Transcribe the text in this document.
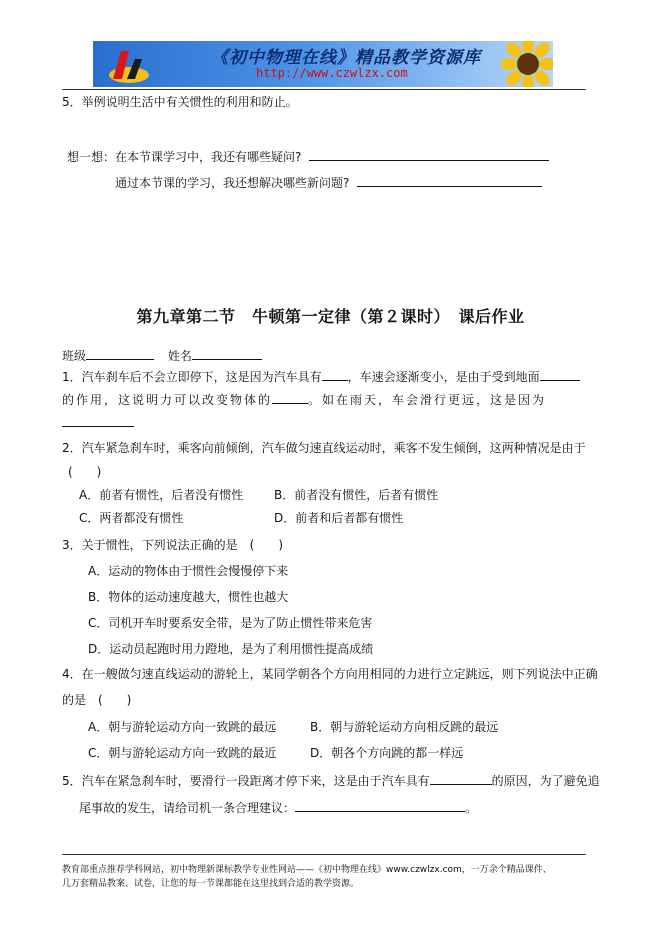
《初中物理在线》精品教学资源库
http://www.czwlzx.com
5．举例说明生活中有关惯性的利用和防止。
想一想：在本节课学习中，我还有哪些疑问?
通过本节课的学习，我还想解决哪些新问题?
第九章第二节　牛顿第一定律（第２课时）　课后作业
班级	姓名
1．汽车刹车后不会立即停下，这是因为汽车具有 ，车速会逐渐变小，是由于受到地面
的作用，这说明力可以改变物体的	。如在雨天，车会滑行更远，这是因为
2．汽车紧急刹车时，乘客向前倾倒，汽车做匀速直线运动时，乘客不发生倾倒，这两种情况是由于
(　　)
A．前者有惯性，后者没有惯性	B．前者没有惯性，后者有惯性
C．两者都没有惯性	D．前者和后者都有惯性
3．关于惯性，下列说法正确的是　(　　)
A．运动的物体由于惯性会慢慢停下来
B．物体的运动速度越大，惯性也越大
C．司机开车时要系安全带，是为了防止惯性带来危害
D．运动员起跑时用力蹬地，是为了利用惯性提高成绩
4．在一艘做匀速直线运动的游轮上，某同学朝各个方向用相同的力进行立定跳远，则下列说法中正确
的是　(　　)
A．朝与游轮运动方向一致跳的最远	B．朝与游轮运动方向相反跳的最远
C．朝与游轮运动方向一致跳的最近	D．朝各个方向跳的都一样远
5．汽车在紧急刹车时，要滑行一段距离才停下来，这是由于汽车具有	的原因，为了避免追
尾事故的发生，请给司机一条合理建议：	。
教育部重点推荐学科网站，初中物理新课标教学专业性网站——《初中物理在线》www.czwlzx.com，一万余个精品课件、
几万套精品教案、试卷，让您的每一节课都能在这里找到合适的教学资源。
